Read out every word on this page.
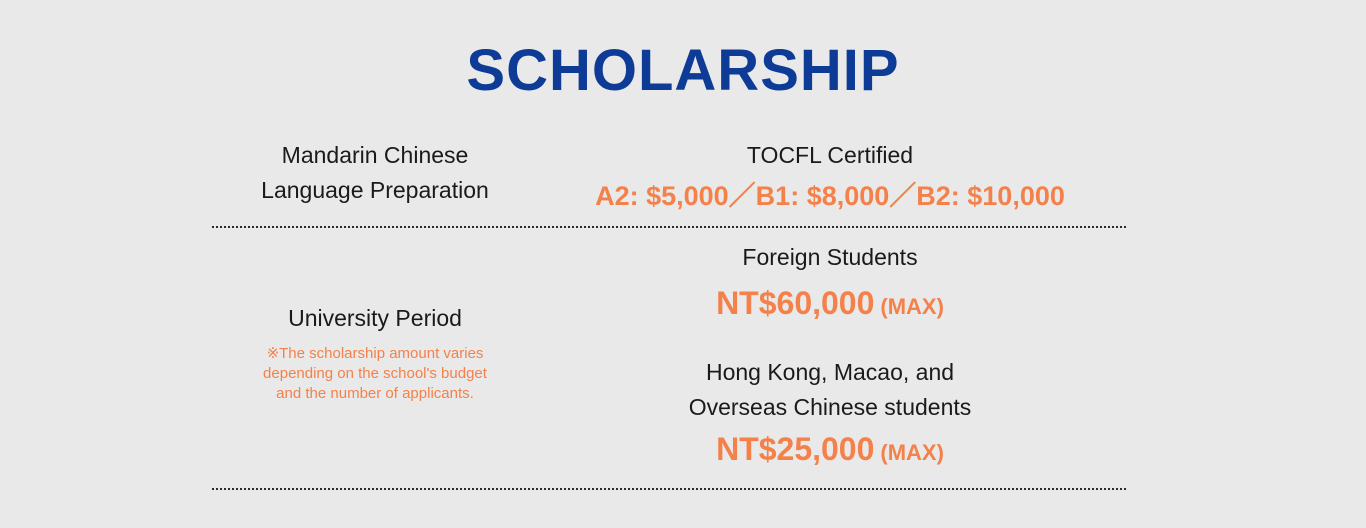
SCHOLARSHIP
Mandarin Chinese
Language Preparation
TOCFL Certified
A2: $5,000／B1: $8,000／B2: $10,000
University Period
※The scholarship amount varies
depending on the school's budget
and the number of applicants.
Foreign Students
NT$60,000 (MAX)
Hong Kong, Macao, and
Overseas Chinese students
NT$25,000 (MAX)
